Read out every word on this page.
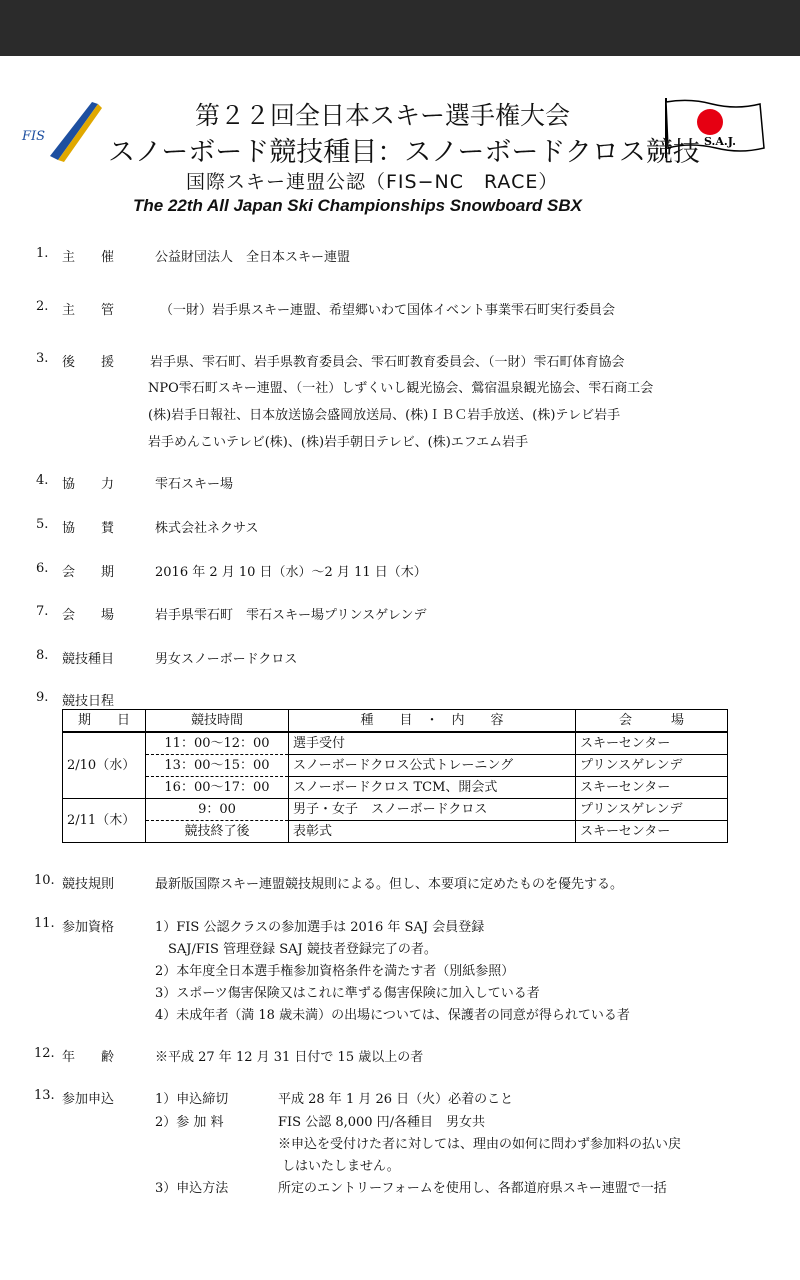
FIS	S.A.J.
第２２回全日本スキー選手権大会
スノーボード競技種目：スノーボードクロス競技
国際スキー連盟公認（FIS−NC　RACE）
The 22th All Japan Ski Championships Snowboard SBX
1. 主　　催	公益財団法人　全日本スキー連盟
2. 主　　管	（一財）岩手県スキー連盟、希望郷いわて国体イベント事業雫石町実行委員会
3. 後　　援	岩手県、雫石町、岩手県教育委員会、雫石町教育委員会、（一財）雫石町体育協会
NPO雫石町スキー連盟、（一社）しずくいし観光協会、鶯宿温泉観光協会、雫石商工会
(株)岩手日報社、日本放送協会盛岡放送局、(株)ＩＢＣ岩手放送、(株)テレビ岩手
岩手めんこいテレビ(株)、(株)岩手朝日テレビ、(株)エフエム岩手
4. 協　　力	雫石スキー場
5. 協　　賛	株式会社ネクサス
6. 会　　期	2016 年 2 月 10 日（水）〜2 月 11 日（木）
7. 会　　場	岩手県雫石町　雫石スキー場プリンスゲレンデ
8. 競技種目	男女スノーボードクロス
9. 競技日程
期　　日	競技時間	種　　目　・　内　　容	会　　　場
2/10（水）	11：00〜12：00	選手受付	スキーセンター
	13：00〜15：00	スノーボードクロス公式トレーニング	プリンスゲレンデ
	16：00〜17：00	スノーボードクロス TCM、開会式	スキーセンター
2/11（木）	9：00	男子・女子　スノーボードクロス	プリンスゲレンデ
	競技終了後	表彰式	スキーセンター
10. 競技規則	最新版国際スキー連盟競技規則による。但し、本要項に定めたものを優先する。
11. 参加資格	1）FIS 公認クラスの参加選手は 2016 年 SAJ 会員登録
SAJ/FIS 管理登録 SAJ 競技者登録完了の者。
2）本年度全日本選手権参加資格条件を満たす者（別紙参照）
3）スポーツ傷害保険又はこれに準ずる傷害保険に加入している者
4）未成年者（満 18 歳未満）の出場については、保護者の同意が得られている者
12. 年　　齢	※平成 27 年 12 月 31 日付で 15 歳以上の者
13. 参加申込	1）申込締切	平成 28 年 1 月 26 日（火）必着のこと
2）参 加 料	FIS 公認 8,000 円/各種目　男女共
※申込を受付けた者に対しては、理由の如何に問わず参加料の払い戻
しはいたしません。
3）申込方法	所定のエントリーフォームを使用し、各都道府県スキー連盟で一括
